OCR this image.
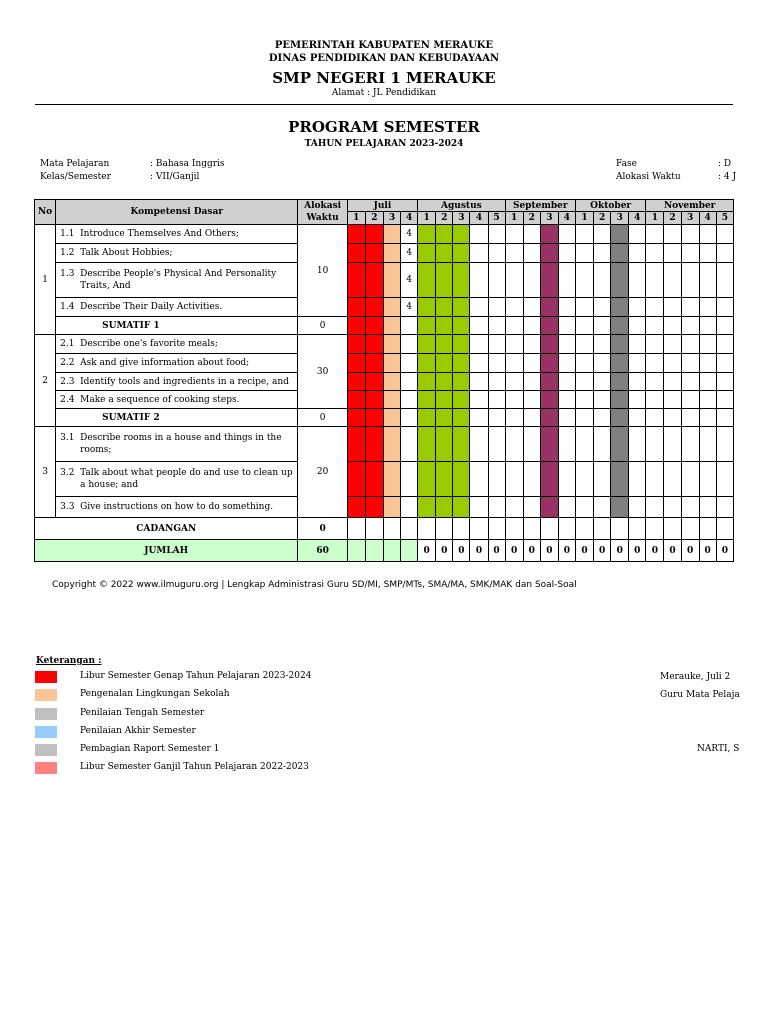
PEMERINTAH KABUPATEN MERAUKE
DINAS PENDIDIKAN DAN KEBUDAYAAN
SMP NEGERI 1 MERAUKE
Alamat : JL Pendidikan
PROGRAM SEMESTER
TAHUN PELAJARAN 2023-2024
Mata Pelajaran	: Bahasa Inggris
Kelas/Semester	: VII/Ganjil
Fase	: D
Alokasi Waktu	: 4 J
No	Kompetensi Dasar	Alokasi Waktu	Juli				Agustus					September				Oktober				November				
			1	2	3	4	1	2	3	4	5	1	2	3	4	1	2	3	4	1	2	3	4	5
1	1.1 Introduce Themselves And Others;	10				4																		

	1.2 Talk About Hobbies;					4																		

	1.3 Describe People's Physical And Personality Traits, And					4																		

	1.4 Describe Their Daily Activities.					4																		
	SUMATIF 1	0																						
2	2.1 Describe one's favorite meals;	30																						

	2.2 Ask and give information about food;																							

	2.3 Identify tools and ingredients in a recipe, and																							

	2.4 Make a sequence of cooking steps.																							

	SUMATIF 2	0																						
3	3.1 Describe rooms in a house and things in the rooms;	20																						

	3.2 Talk about what people do and use to clean up a house; and																							

	3.3 Give instructions on how to do something.																							

CADANGAN		0																						
JUMLAH		60					0	0	0	0	0	0	0	0	0	0	0	0	0	0	0	0	0	0
Copyright © 2022 www.ilmuguru.org | Lengkap Administrasi Guru SD/MI, SMP/MTs, SMA/MA, SMK/MAK dan Soal-Soal
Keterangan :
Libur Semester Genap Tahun Pelajaran 2023-2024
Pengenalan Lingkungan Sekolah
Penilaian Tengah Semester
Penilaian Akhir Semester
Pembagian Raport Semester 1
Libur Semester Ganjil Tahun Pelajaran 2022-2023
Merauke, Juli 2
Guru Mata Pelaja
NARTI, S
